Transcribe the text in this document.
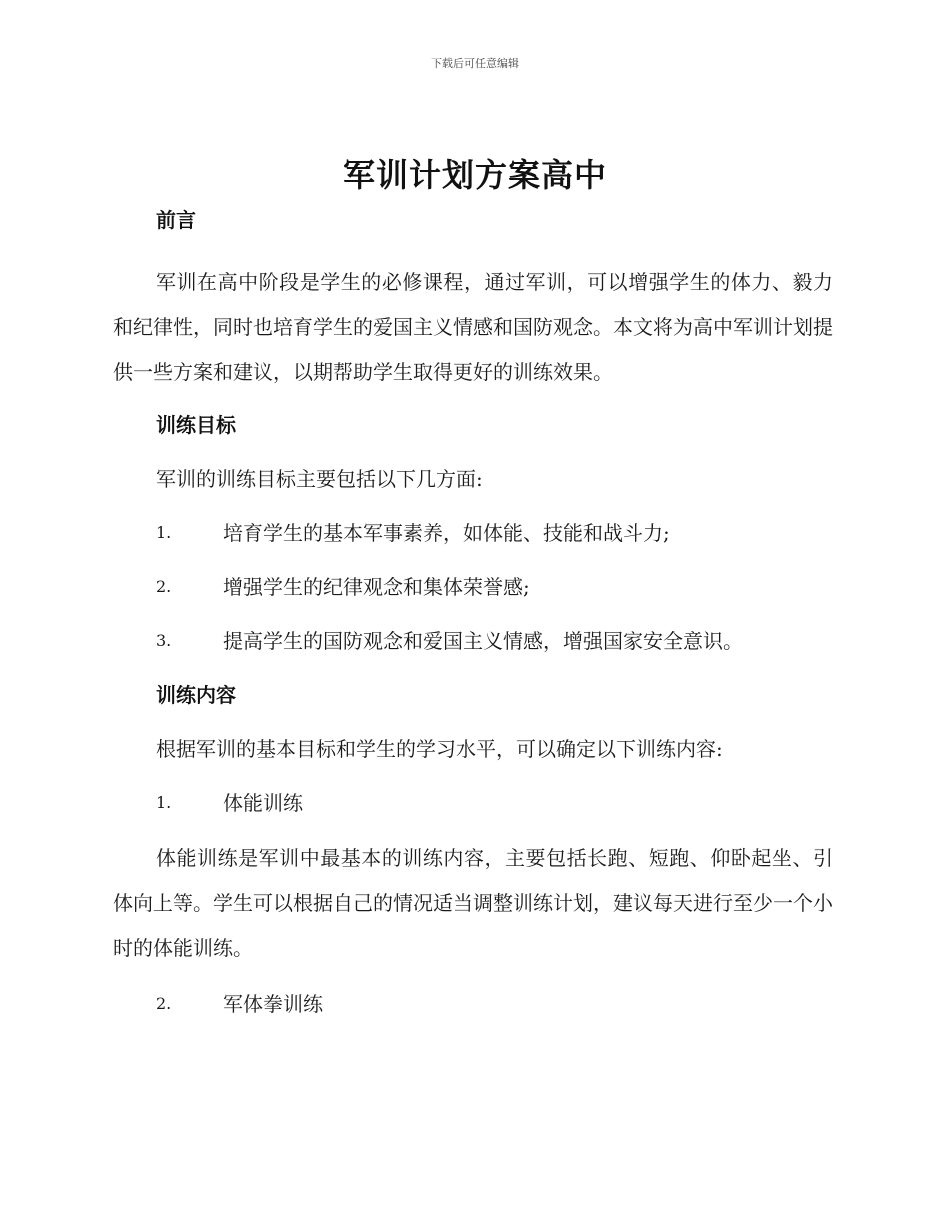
下载后可任意编辑
军训计划方案高中
前言

军训在高中阶段是学生的必修课程，通过军训，可以增强学生的体力、毅力和纪律性，同时也培育学生的爱国主义情感和国防观念。本文将为高中军训计划提供一些方案和建议，以期帮助学生取得更好的训练效果。

训练目标
军训的训练目标主要包括以下几方面:
1.	培育学生的基本军事素养，如体能、技能和战斗力;
2.	增强学生的纪律观念和集体荣誉感;
3.	提高学生的国防观念和爱国主义情感，增强国家安全意识。
训练内容
根据军训的基本目标和学生的学习水平，可以确定以下训练内容:
1.	体能训练

体能训练是军训中最基本的训练内容，主要包括长跑、短跑、仰卧起坐、引体向上等。学生可以根据自己的情况适当调整训练计划，建议每天进行至少一个小时的体能训练。

2.	军体拳训练
